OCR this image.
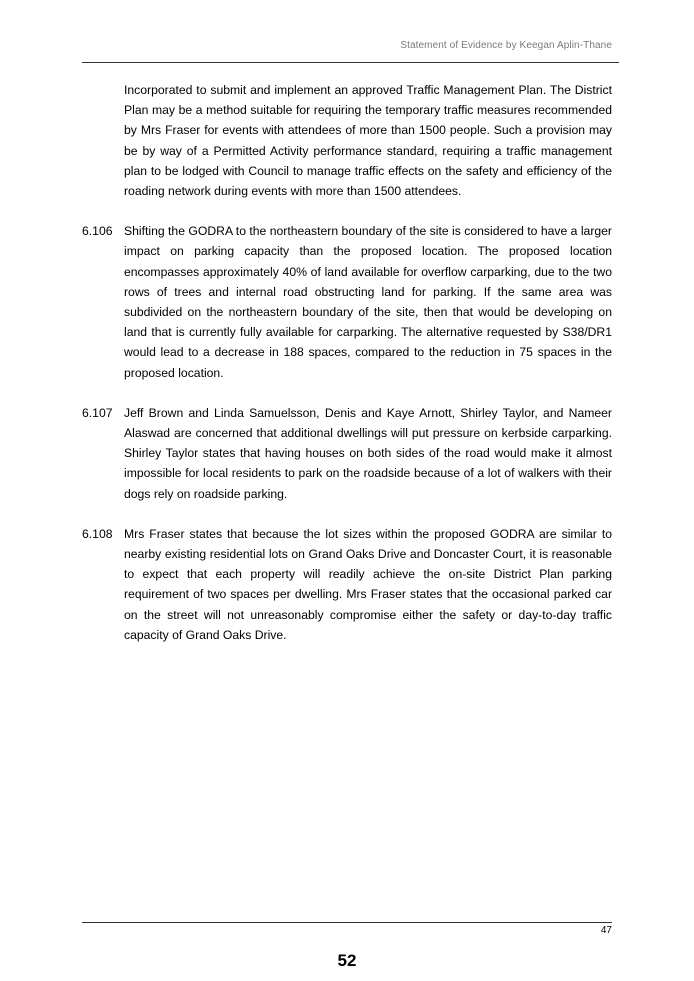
Statement of Evidence by Keegan Aplin-Thane
Incorporated to submit and implement an approved Traffic Management Plan. The District Plan may be a method suitable for requiring the temporary traffic measures recommended by Mrs Fraser for events with attendees of more than 1500 people. Such a provision may be by way of a Permitted Activity performance standard, requiring a traffic management plan to be lodged with Council to manage traffic effects on the safety and efficiency of the roading network during events with more than 1500 attendees.
6.106 Shifting the GODRA to the northeastern boundary of the site is considered to have a larger impact on parking capacity than the proposed location. The proposed location encompasses approximately 40% of land available for overflow carparking, due to the two rows of trees and internal road obstructing land for parking. If the same area was subdivided on the northeastern boundary of the site, then that would be developing on land that is currently fully available for carparking. The alternative requested by S38/DR1 would lead to a decrease in 188 spaces, compared to the reduction in 75 spaces in the proposed location.
6.107 Jeff Brown and Linda Samuelsson, Denis and Kaye Arnott, Shirley Taylor, and Nameer Alaswad are concerned that additional dwellings will put pressure on kerbside carparking. Shirley Taylor states that having houses on both sides of the road would make it almost impossible for local residents to park on the roadside because of a lot of walkers with their dogs rely on roadside parking.
6.108 Mrs Fraser states that because the lot sizes within the proposed GODRA are similar to nearby existing residential lots on Grand Oaks Drive and Doncaster Court, it is reasonable to expect that each property will readily achieve the on-site District Plan parking requirement of two spaces per dwelling. Mrs Fraser states that the occasional parked car on the street will not unreasonably compromise either the safety or day-to-day traffic capacity of Grand Oaks Drive.
47
52
